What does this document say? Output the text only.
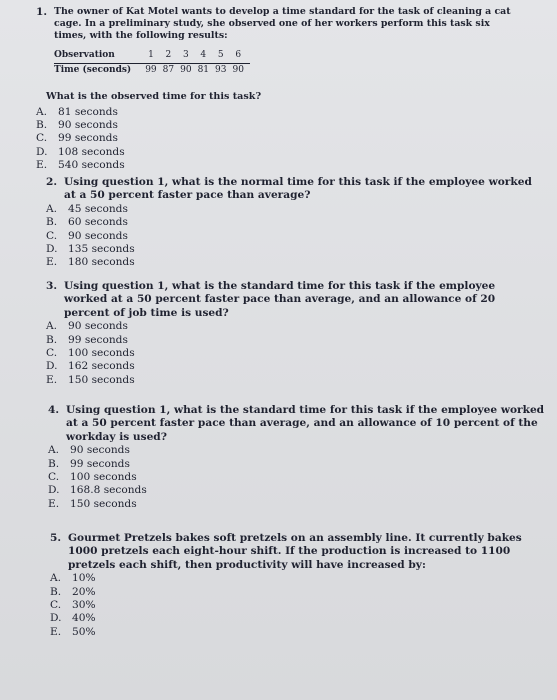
1. The owner of Kat Motel wants to develop a time standard for the task of cleaning a cat cage. In a preliminary study, she observed one of her workers perform this task six times, with the following results:
Observation	1	2	3	4	5	6
Time (seconds)	99	87	90	81	93	90
What is the observed time for this task?
A.	81 seconds
B.	90 seconds
C.	99 seconds
D. 108 seconds
E.	540 seconds
2. Using question 1, what is the normal time for this task if the employee worked at a 50 percent faster pace than average?
A.	45 seconds
B.	60 seconds
C.	90 seconds
D. 135 seconds
E.	180 seconds
3. Using question 1, what is the standard time for this task if the employee worked at a 50 percent faster pace than average, and an allowance of 20 percent of job time is used?
A.	90 seconds
B.	99 seconds
C.	100 seconds
D. 162 seconds
E.	150 seconds
4. Using question 1, what is the standard time for this task if the employee worked at a 50 percent faster pace than average, and an allowance of 10 percent of the workday is used?
A.	90 seconds
B.	99 seconds
C.	100 seconds
D. 168.8 seconds
E.	150 seconds
5. Gourmet Pretzels bakes soft pretzels on an assembly line. It currently bakes 1000 pretzels each eight-hour shift. If the production is increased to 1100 pretzels each shift, then productivity will have increased by:
A.	10%
B.	20%
C.	30%
D. 40%
E.	50%
